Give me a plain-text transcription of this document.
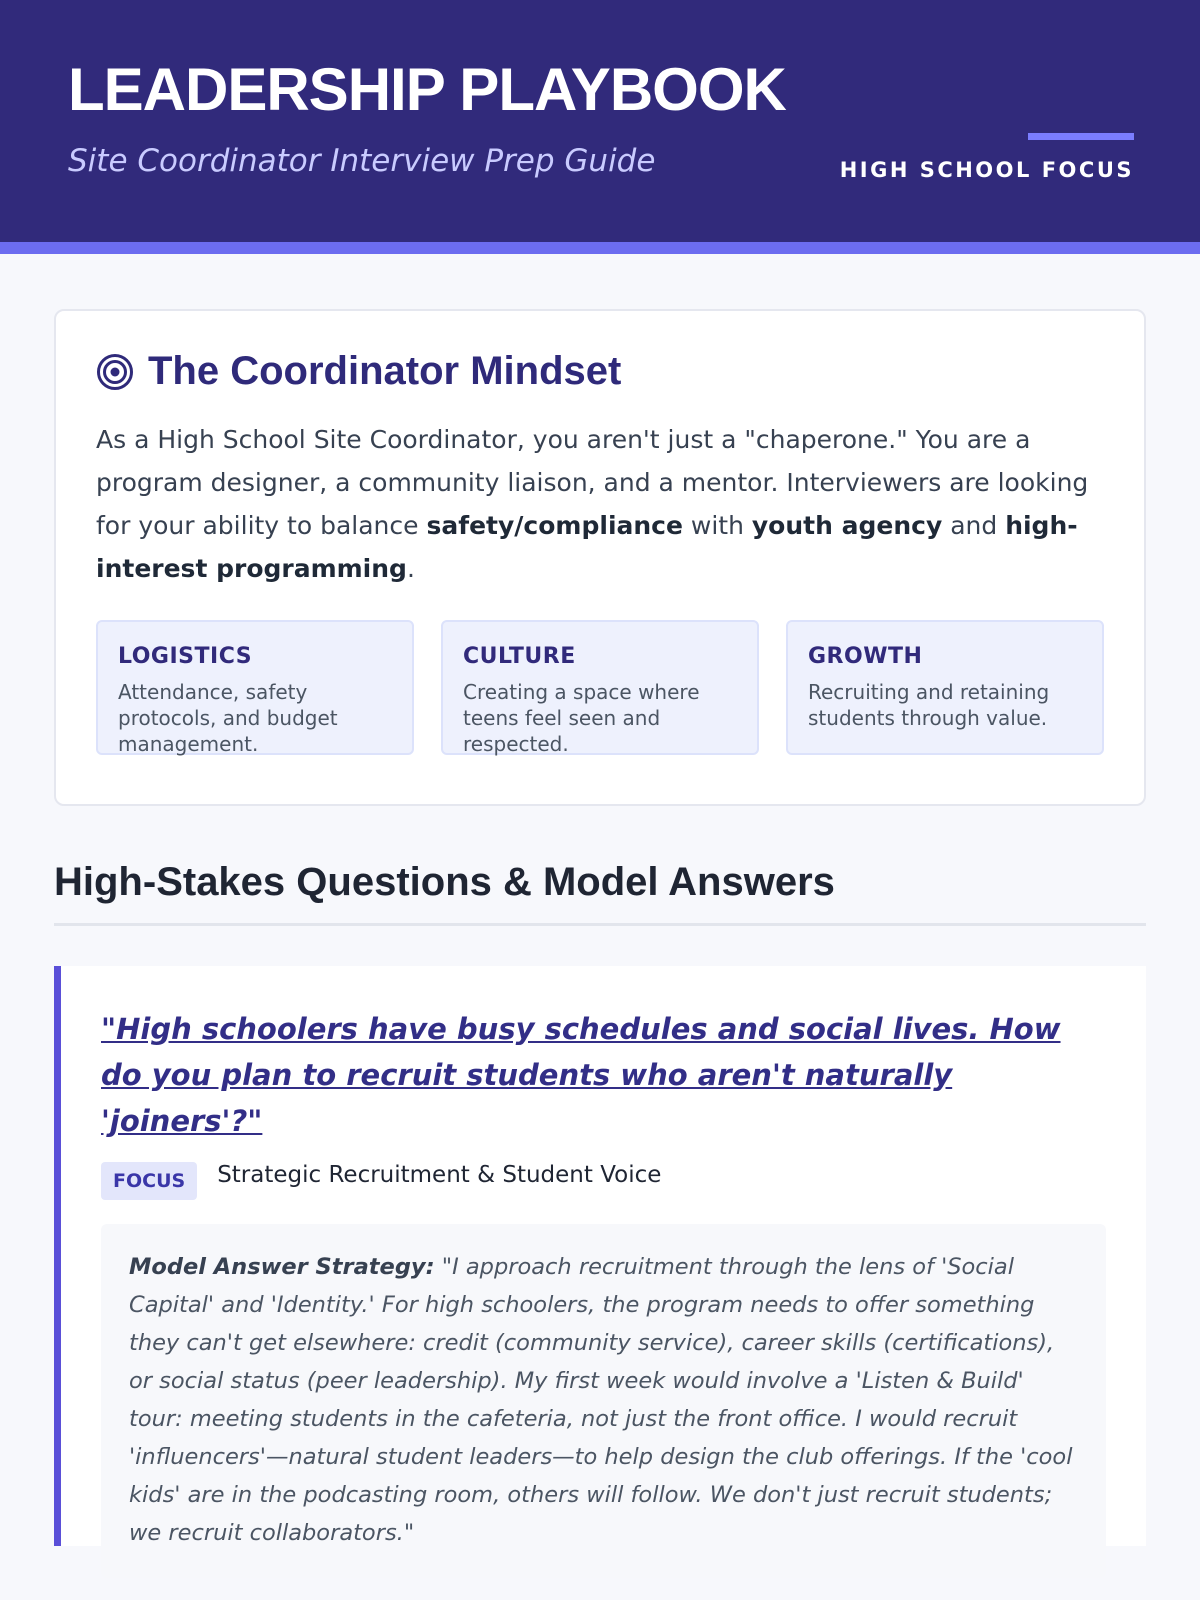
LEADERSHIP PLAYBOOK

Site Coordinator Interview Prep Guide	HIGH SCHOOL FOCUS
The Coordinator Mindset

As a High School Site Coordinator, you aren't just a "chaperone." You are a program designer, a community liaison, and a mentor. Interviewers are looking for your ability to balance safety/compliance with youth agency and high-interest programming.

LOGISTICS
Attendance, safety protocols, and budget management.
CULTURE
Creating a space where teens feel seen and respected.
GROWTH
Recruiting and retaining students through value.
High-Stakes Questions & Model Answers
"High schoolers have busy schedules and social lives. How do you plan to recruit students who aren't naturally 'joiners'?"
FOCUS	Strategic Recruitment & Student Voice
Model Answer Strategy: "I approach recruitment through the lens of 'Social Capital' and 'Identity.' For high schoolers, the program needs to offer something they can't get elsewhere: credit (community service), career skills (certifications), or social status (peer leadership). My first week would involve a 'Listen & Build' tour: meeting students in the cafeteria, not just the front office. I would recruit 'influencers'—natural student leaders—to help design the club offerings. If the 'cool kids' are in the podcasting room, others will follow. We don't just recruit students; we recruit collaborators."
